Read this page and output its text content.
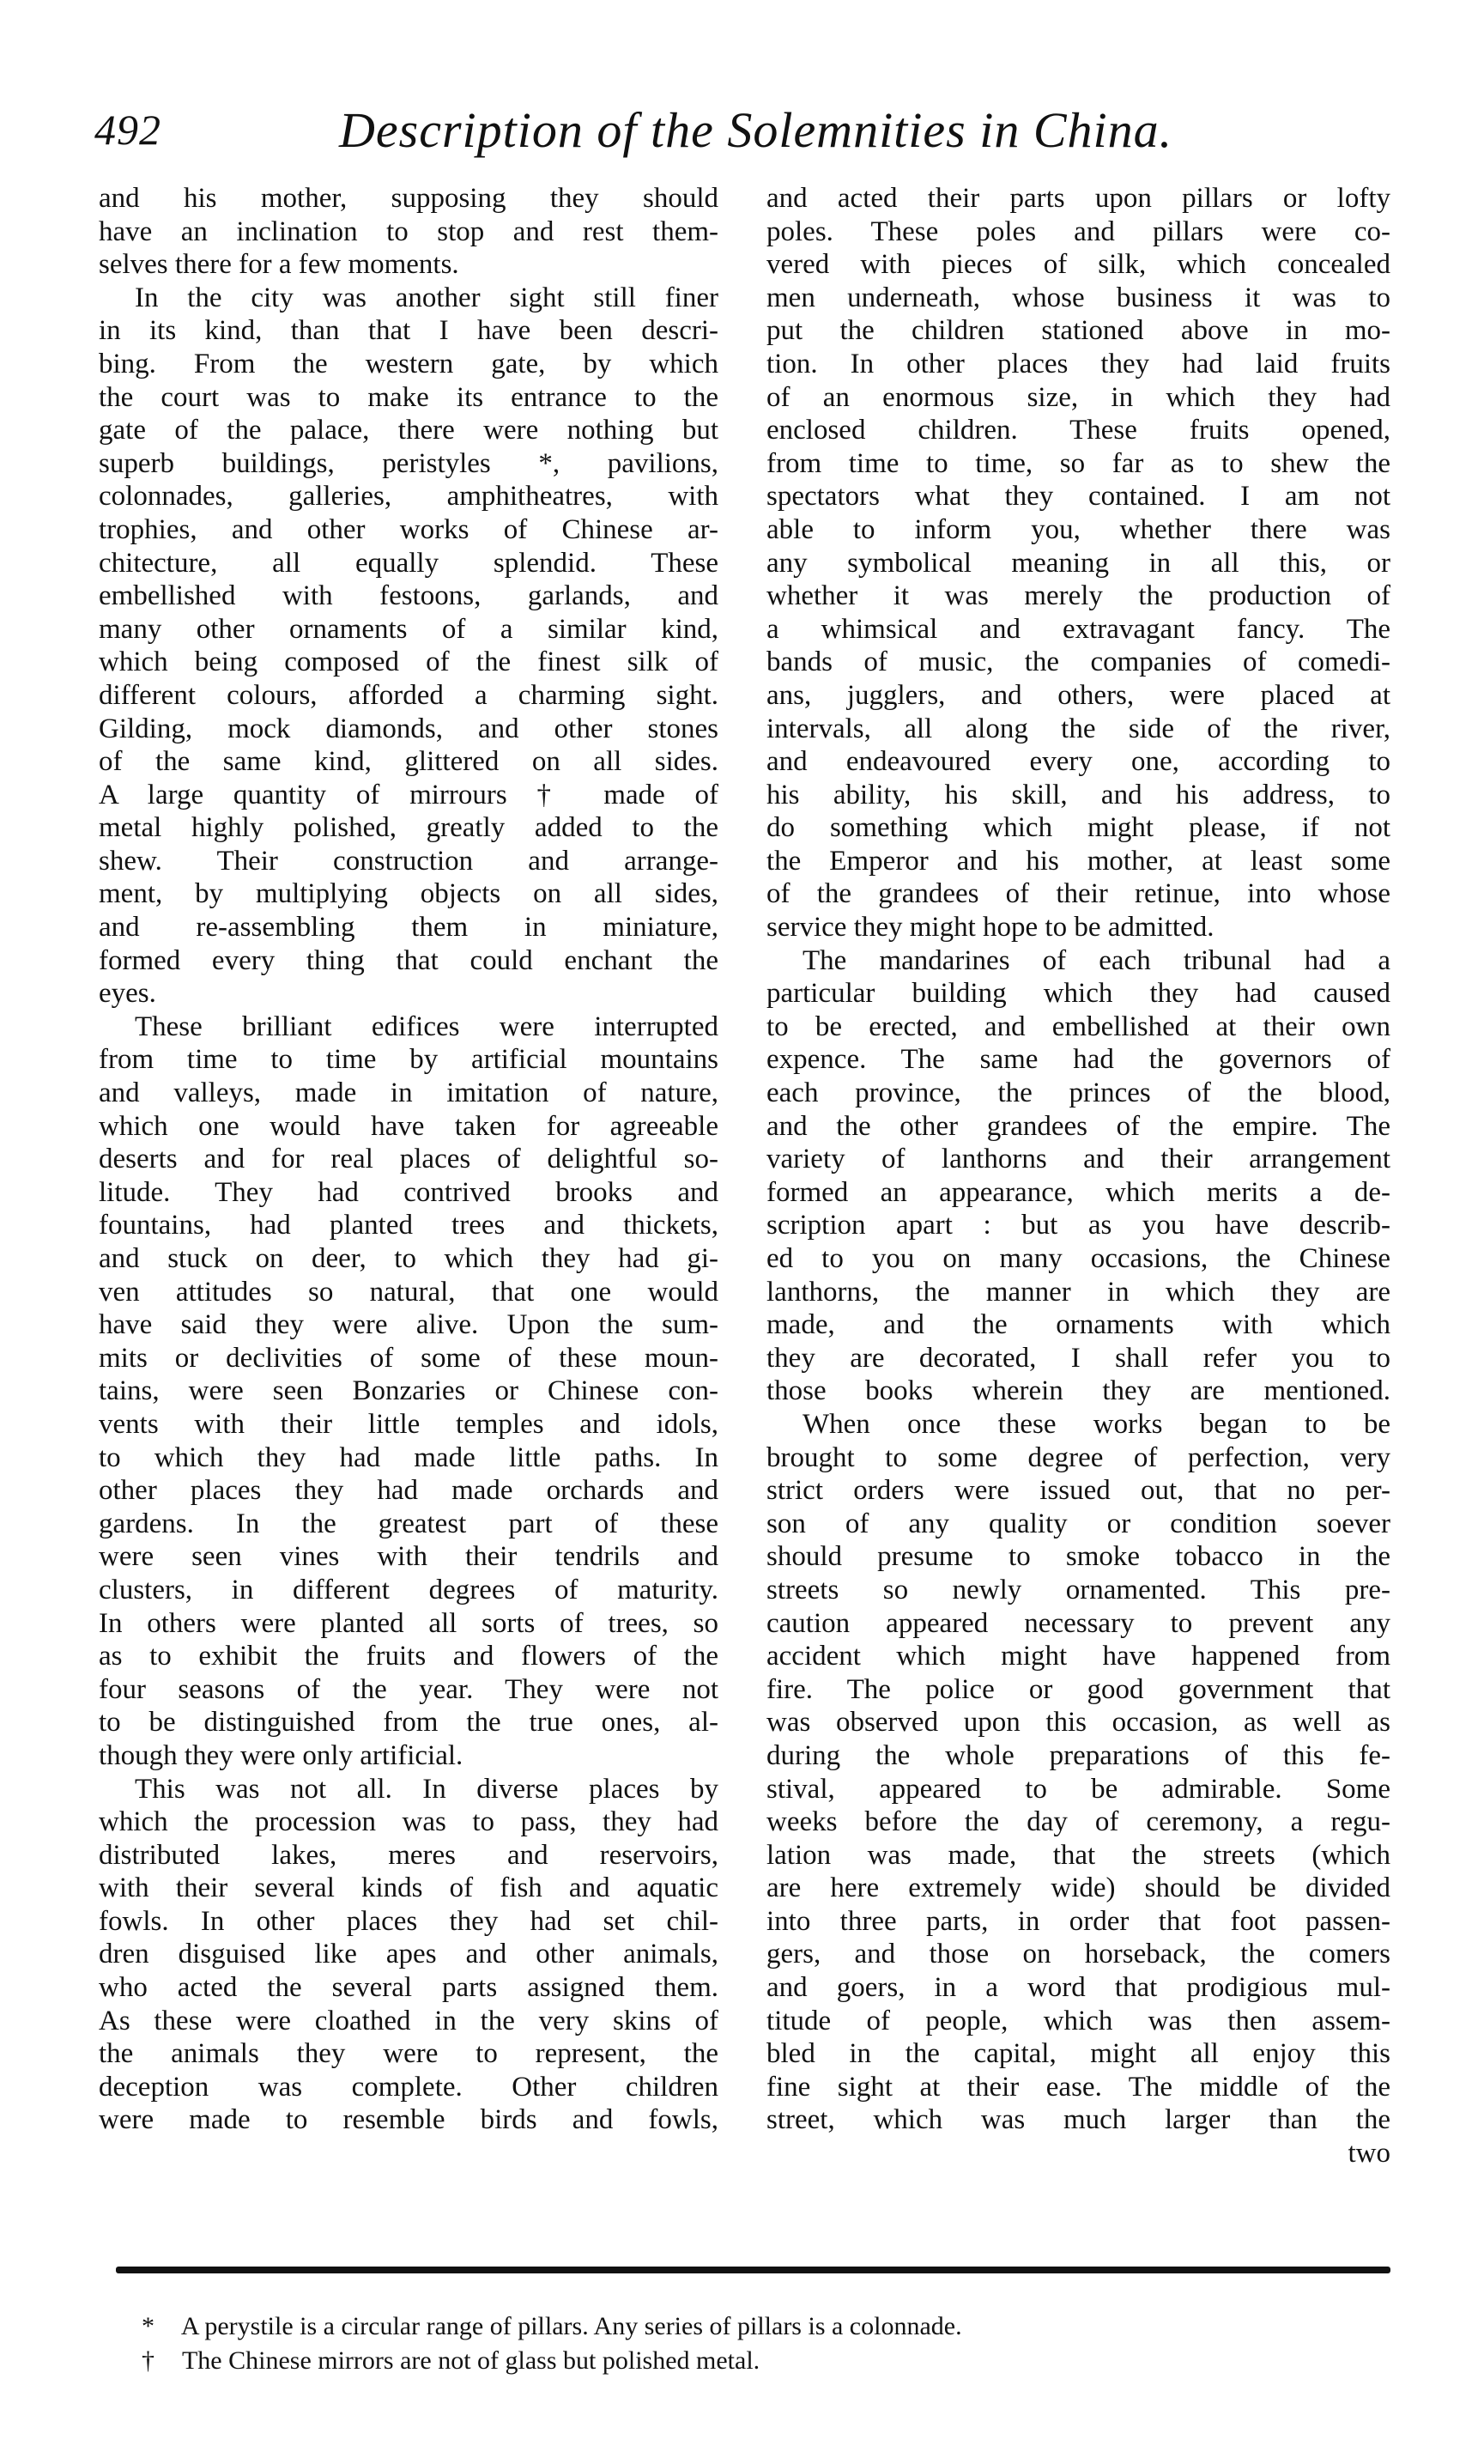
492	Description of the Solemnities in China.
and his mother, supposing they should
have an inclination to stop and rest them-
selves there for a few moments.
In the city was another sight still finer
in its kind, than that I have been descri-
bing. From the western gate, by which
the court was to make its entrance to the
gate of the palace, there were nothing but
superb buildings, peristyles *, pavilions,
colonnades, galleries, amphitheatres, with
trophies, and other works of Chinese ar-
chitecture, all equally splendid. These
embellished with festoons, garlands, and
many other ornaments of a similar kind,
which being composed of the finest silk of
different colours, afforded a charming sight.
Gilding, mock diamonds, and other stones
of the same kind, glittered on all sides.
A large quantity of mirrours † made of
metal highly polished, greatly added to the
shew. Their construction and arrange-
ment, by multiplying objects on all sides,
and re-assembling them in miniature,
formed every thing that could enchant the
eyes.
These brilliant edifices were interrupted
from time to time by artificial mountains
and valleys, made in imitation of nature,
which one would have taken for agreeable
deserts and for real places of delightful so-
litude. They had contrived brooks and
fountains, had planted trees and thickets,
and stuck on deer, to which they had gi-
ven attitudes so natural, that one would
have said they were alive. Upon the sum-
mits or declivities of some of these moun-
tains, were seen Bonzaries or Chinese con-
vents with their little temples and idols,
to which they had made little paths. In
other places they had made orchards and
gardens. In the greatest part of these
were seen vines with their tendrils and
clusters, in different degrees of maturity.
In others were planted all sorts of trees, so
as to exhibit the fruits and flowers of the
four seasons of the year. They were not
to be distinguished from the true ones, al-
though they were only artificial.
This was not all. In diverse places by
which the procession was to pass, they had
distributed lakes, meres and reservoirs,
with their several kinds of fish and aquatic
fowls. In other places they had set chil-
dren disguised like apes and other animals,
who acted the several parts assigned them.
As these were cloathed in the very skins of
the animals they were to represent, the
deception was complete. Other children
were made to resemble birds and fowls,
and acted their parts upon pillars or lofty
poles. These poles and pillars were co-
vered with pieces of silk, which concealed
men underneath, whose business it was to
put the children stationed above in mo-
tion. In other places they had laid fruits
of an enormous size, in which they had
enclosed children. These fruits opened,
from time to time, so far as to shew the
spectators what they contained. I am not
able to inform you, whether there was
any symbolical meaning in all this, or
whether it was merely the production of
a whimsical and extravagant fancy. The
bands of music, the companies of comedi-
ans, jugglers, and others, were placed at
intervals, all along the side of the river,
and endeavoured every one, according to
his ability, his skill, and his address, to
do something which might please, if not
the Emperor and his mother, at least some
of the grandees of their retinue, into whose
service they might hope to be admitted.
The mandarines of each tribunal had a
particular building which they had caused
to be erected, and embellished at their own
expence. The same had the governors of
each province, the princes of the blood,
and the other grandees of the empire. The
variety of lanthorns and their arrangement
formed an appearance, which merits a de-
scription apart : but as you have describ-
ed to you on many occasions, the Chinese
lanthorns, the manner in which they are
made, and the ornaments with which
they are decorated, I shall refer you to
those books wherein they are mentioned.
When once these works began to be
brought to some degree of perfection, very
strict orders were issued out, that no per-
son of any quality or condition soever
should presume to smoke tobacco in the
streets so newly ornamented. This pre-
caution appeared necessary to prevent any
accident which might have happened from
fire. The police or good government that
was observed upon this occasion, as well as
during the whole preparations of this fe-
stival, appeared to be admirable. Some
weeks before the day of ceremony, a regu-
lation was made, that the streets (which
are here extremely wide) should be divided
into three parts, in order that foot passen-
gers, and those on horseback, the comers
and goers, in a word that prodigious mul-
titude of people, which was then assem-
bled in the capital, might all enjoy this
fine sight at their ease. The middle of the
street, which was much larger than the
two
* A perystile is a circular range of pillars. Any series of pillars is a colonnade.
† The Chinese mirrors are not of glass but polished metal.
